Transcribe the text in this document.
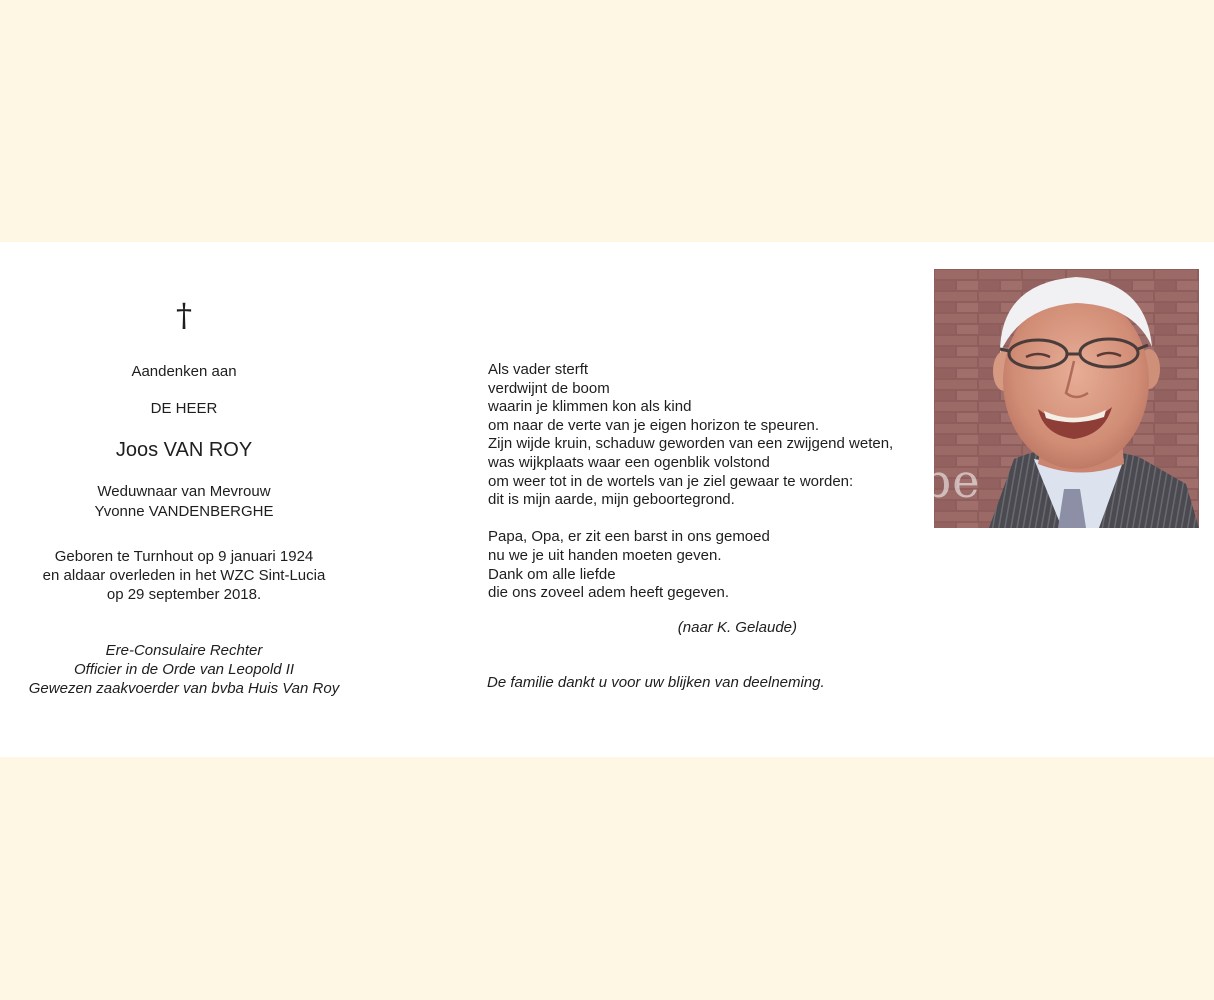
†
Aandenken aan
DE HEER
Joos VAN ROY
Weduwnaar van Mevrouw
Yvonne VANDENBERGHE
Geboren te Turnhout op 9 januari 1924
en aldaar overleden in het WZC Sint-Lucia
op 29 september 2018.
Ere-Consulaire Rechter
Officier in de Orde van Leopold II
Gewezen zaakvoerder van bvba Huis Van Roy
Als vader sterft
verdwijnt de boom
waarin je klimmen kon als kind
om naar de verte van je eigen horizon te speuren.
Zijn wijde kruin, schaduw geworden van een zwijgend weten,
was wijkplaats waar een ogenblik volstond
om weer tot in de wortels van je ziel gewaar te worden:
dit is mijn aarde, mijn geboortegrond.
Papa, Opa, er zit een barst in ons gemoed
nu we je uit handen moeten geven.
Dank om alle liefde
die ons zoveel adem heeft gegeven.
(naar K. Gelaude)
De familie dankt u voor uw blijken van deelneming.
er.be
